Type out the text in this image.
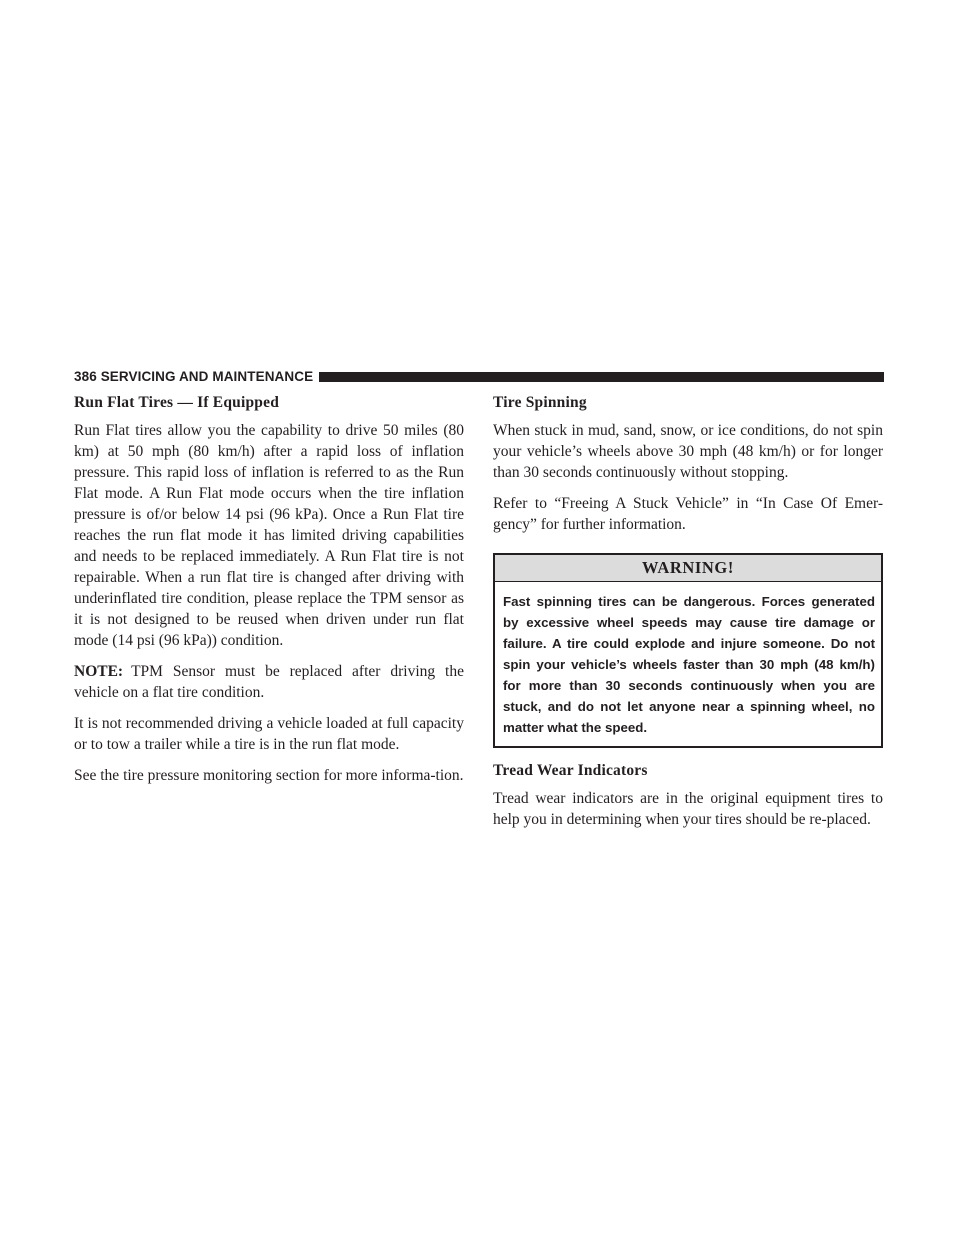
386 SERVICING AND MAINTENANCE
Run Flat Tires — If Equipped

Run Flat tires allow you the capability to drive 50 miles (80 km) at 50 mph (80 km/h) after a rapid loss of inflation pressure. This rapid loss of inflation is referred to as the Run Flat mode. A Run Flat mode occurs when the tire inflation pressure is of/or below 14 psi (96 kPa). Once a Run Flat tire reaches the run flat mode it has limited driving capabilities and needs to be replaced immediately. A Run Flat tire is not repairable. When a run flat tire is changed after driving with underinflated tire condition, please replace the TPM sensor as it is not designed to be reused when driven under run flat mode (14 psi (96 kPa)) condition.

NOTE: TPM Sensor must be replaced after driving the vehicle on a flat tire condition.

It is not recommended driving a vehicle loaded at full capacity or to tow a trailer while a tire is in the run flat mode.

See the tire pressure monitoring section for more informa-tion.

Tire Spinning

When stuck in mud, sand, snow, or ice conditions, do not spin your vehicle’s wheels above 30 mph (48 km/h) or for longer than 30 seconds continuously without stopping.

Refer to “Freeing A Stuck Vehicle” in “In Case Of Emer-gency” for further information.

WARNING!
Fast spinning tires can be dangerous. Forces generated by excessive wheel speeds may cause tire damage or failure. A tire could explode and injure someone. Do not spin your vehicle’s wheels faster than 30 mph (48 km/h) for more than 30 seconds continuously when you are stuck, and do not let anyone near a spinning wheel, no matter what the speed.
Tread Wear Indicators

Tread wear indicators are in the original equipment tires to help you in determining when your tires should be re-placed.
